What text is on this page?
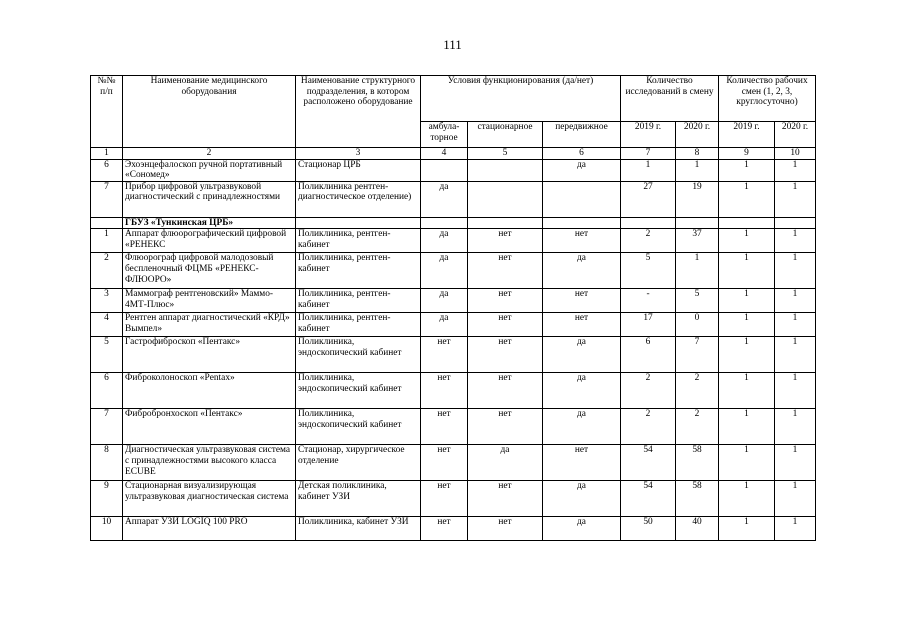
111
№№ п/п	Наименование медицинского оборудования	Наименование структурного подразделения, в котором расположено оборудование	Условия функционирования (да/нет)			Количество исследований в смену		Количество рабочих смен (1, 2, 3, круглосуточно)	
			амбула-торное	стационарное	передвижное	2019 г.	2020 г.	2019 г.	2020 г.
1	2	3	4	5	6	7	8	9	10
6	Эхоэнцефалоскоп ручной портативный «Сономед»	Стационар ЦРБ			да	1	1	1	1
7	Прибор цифровой ультразвуковой диагностический с принадлежностями	Поликлиника рентген-диагностическое отделение)	да			27	19	1	1
	ГБУЗ «Тункинская ЦРБ»								
1	Аппарат флюорографический цифровой «РЕНЕКС	Поликлиника, рентген-кабинет	да	нет	нет	2	37	1	1
2	Флюорограф цифровой малодозовый беспленочный ФЦМБ «РЕНЕКС-ФЛЮОРО»	Поликлиника, рентген-кабинет	да	нет	да	5	1	1	1
3	Маммограф рентгеновский» Маммо- 4МТ-Плюс»	Поликлиника, рентген-кабинет	да	нет	нет	-	5	1	1
4	Рентген аппарат диагностический «КРД» Вымпел»	Поликлиника, рентген-кабинет	да	нет	нет	17	0	1	1
5	Гастрофиброскоп «Пентакс»	Поликлиника, эндоскопический кабинет	нет	нет	да	6	7	1	1
6	Фиброколоноскоп «Pentax»	Поликлиника, эндоскопический кабинет	нет	нет	да	2	2	1	1
7	Фибробронхоскоп «Пентакс»	Поликлиника, эндоскопический кабинет	нет	нет	да	2	2	1	1
8	Диагностическая ультразвуковая система с принадлежностями высокого класса ECUBE	Стационар, хирургическое отделение	нет	да	нет	54	58	1	1
9	Стационарная визуализирующая ультразвуковая диагностическая система	Детская поликлиника, кабинет УЗИ	нет	нет	да	54	58	1	1
10	Аппарат УЗИ LOGIQ 100 PRO	Поликлиника, кабинет УЗИ	нет	нет	да	50	40	1	1
